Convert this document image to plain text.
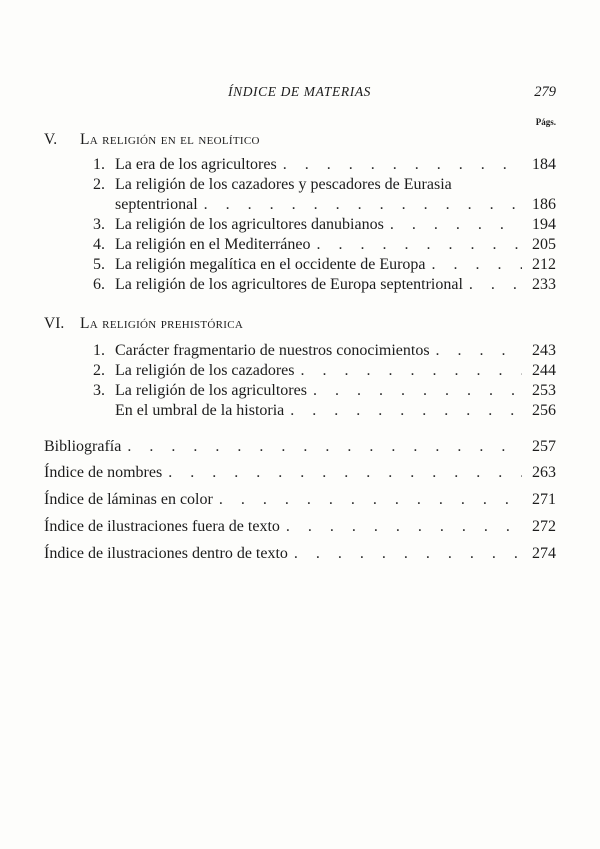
ÍNDICE DE MATERIAS	279
Págs.
V. La religión en el neolítico
1. La era de los agricultores . . .	184
2. La religión de los cazadores y pescadores de Eurasia
septentrional . . .	186
3. La religión de los agricultores danubianos . . .	194
4. La religión en el Mediterráneo . . .	205
5. La religión megalítica en el occidente de Europa . . .	212
6. La religión de los agricultores de Europa septentrional . . .	233
VI. La religión prehistórica
1. Carácter fragmentario de nuestros conocimientos . . .	243
2. La religión de los cazadores . . .	244
3. La religión de los agricultores . . .	253
En el umbral de la historia . . .	256
Bibliografía . . .	257
Índice de nombres . . .	263
Índice de láminas en color . . .	271
Índice de ilustraciones fuera de texto . . .	272
Índice de ilustraciones dentro de texto . . .	274
